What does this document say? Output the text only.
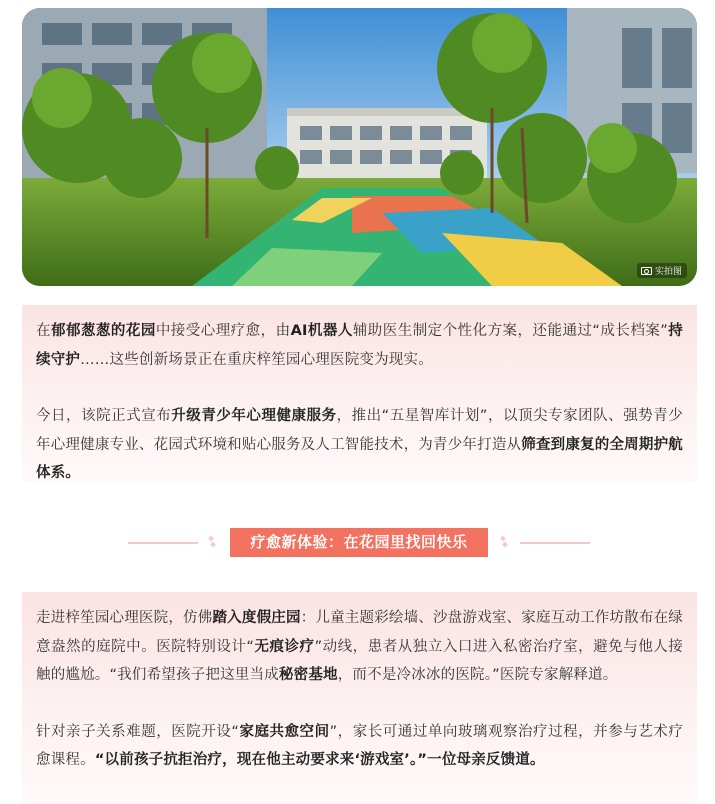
实拍图

在郁郁葱葱的花园中接受心理疗愈，由AI机器人辅助医生制定个性化方案，还能通过“成长档案”持续守护……这些创新场景正在重庆梓笙园心理医院变为现实。

今日，该院正式宣布升级青少年心理健康服务，推出“五星智库计划”，以顶尖专家团队、强势青少年心理健康专业、花园式环境和贴心服务及人工智能技术，为青少年打造从筛查到康复的全周期护航体系。

疗愈新体验：在花园里找回快乐

走进梓笙园心理医院，仿佛踏入度假庄园：儿童主题彩绘墙、沙盘游戏室、家庭互动工作坊散布在绿意盎然的庭院中。医院特别设计“无痕诊疗”动线，患者从独立入口进入私密治疗室，避免与他人接触的尴尬。“我们希望孩子把这里当成秘密基地，而不是冷冰冰的医院。”医院专家解释道。

针对亲子关系难题，医院开设“家庭共愈空间”，家长可通过单向玻璃观察治疗过程，并参与艺术疗愈课程。“以前孩子抗拒治疗，现在他主动要求来‘游戏室’。”一位母亲反馈道。
